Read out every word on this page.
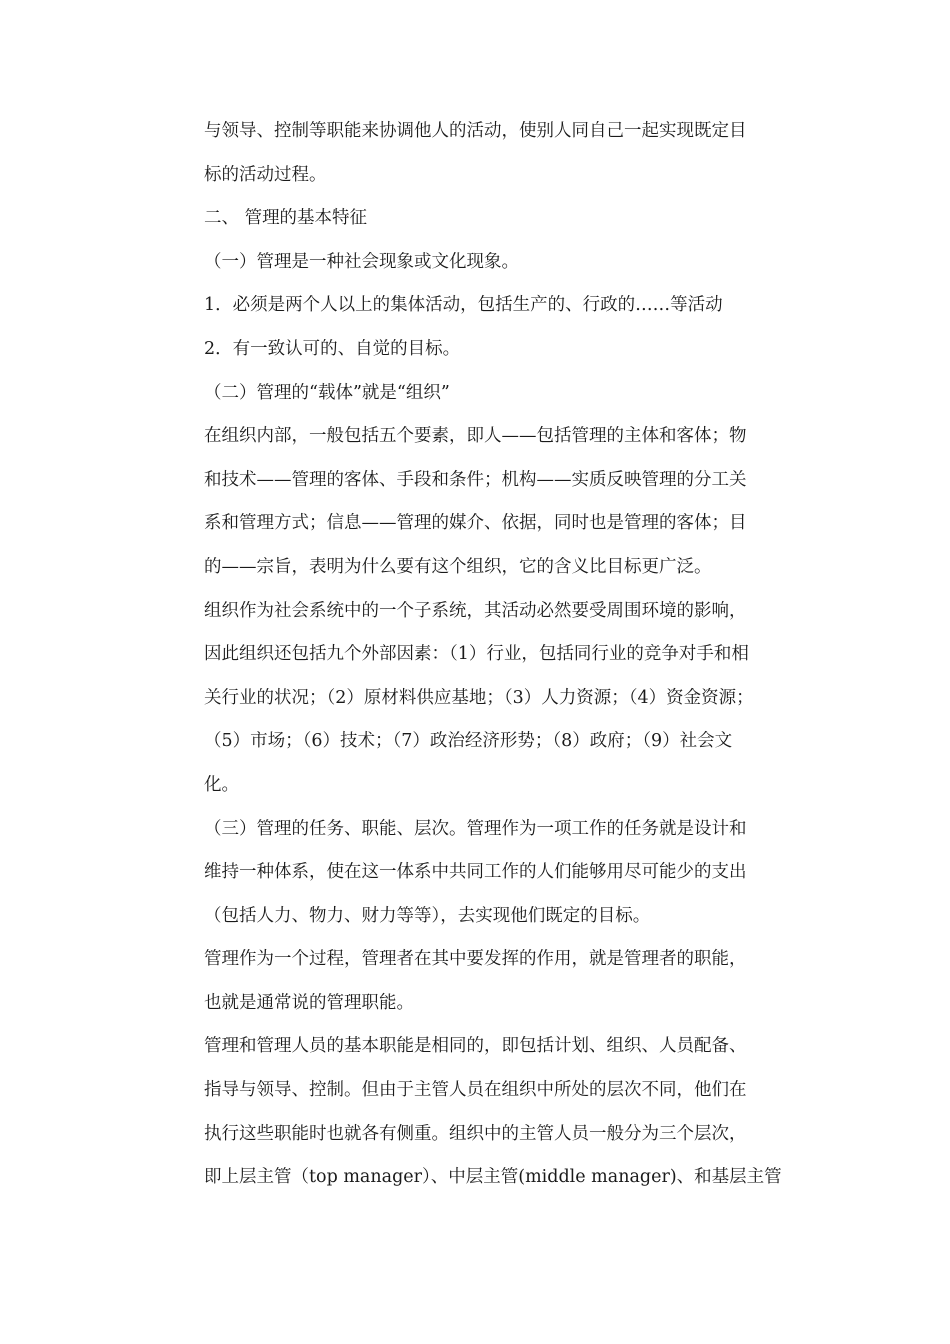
与领导、控制等职能来协调他人的活动，使别人同自己一起实现既定目
标的活动过程。
二、 管理的基本特征
（一）管理是一种社会现象或文化现象。
1．必须是两个人以上的集体活动，包括生产的、行政的……等活动
2．有一致认可的、自觉的目标。
（二）管理的“载体”就是“组织”
在组织内部，一般包括五个要素，即人——包括管理的主体和客体；物
和技术——管理的客体、手段和条件；机构——实质反映管理的分工关
系和管理方式；信息——管理的媒介、依据，同时也是管理的客体；目
的——宗旨，表明为什么要有这个组织，它的含义比目标更广泛。
组织作为社会系统中的一个子系统，其活动必然要受周围环境的影响，
因此组织还包括九个外部因素：（1）行业，包括同行业的竞争对手和相
关行业的状况；（2）原材料供应基地；（3）人力资源；（4）资金资源；
（5）市场；（6）技术；（7）政治经济形势；（8）政府；（9）社会文
化。
（三）管理的任务、职能、层次。管理作为一项工作的任务就是设计和
维持一种体系，使在这一体系中共同工作的人们能够用尽可能少的支出
（包括人力、物力、财力等等），去实现他们既定的目标。
管理作为一个过程，管理者在其中要发挥的作用，就是管理者的职能，
也就是通常说的管理职能。
管理和管理人员的基本职能是相同的，即包括计划、组织、人员配备、
指导与领导、控制。但由于主管人员在组织中所处的层次不同，他们在
执行这些职能时也就各有侧重。组织中的主管人员一般分为三个层次，
即上层主管（top manager）、中层主管(middle manager)、和基层主管
